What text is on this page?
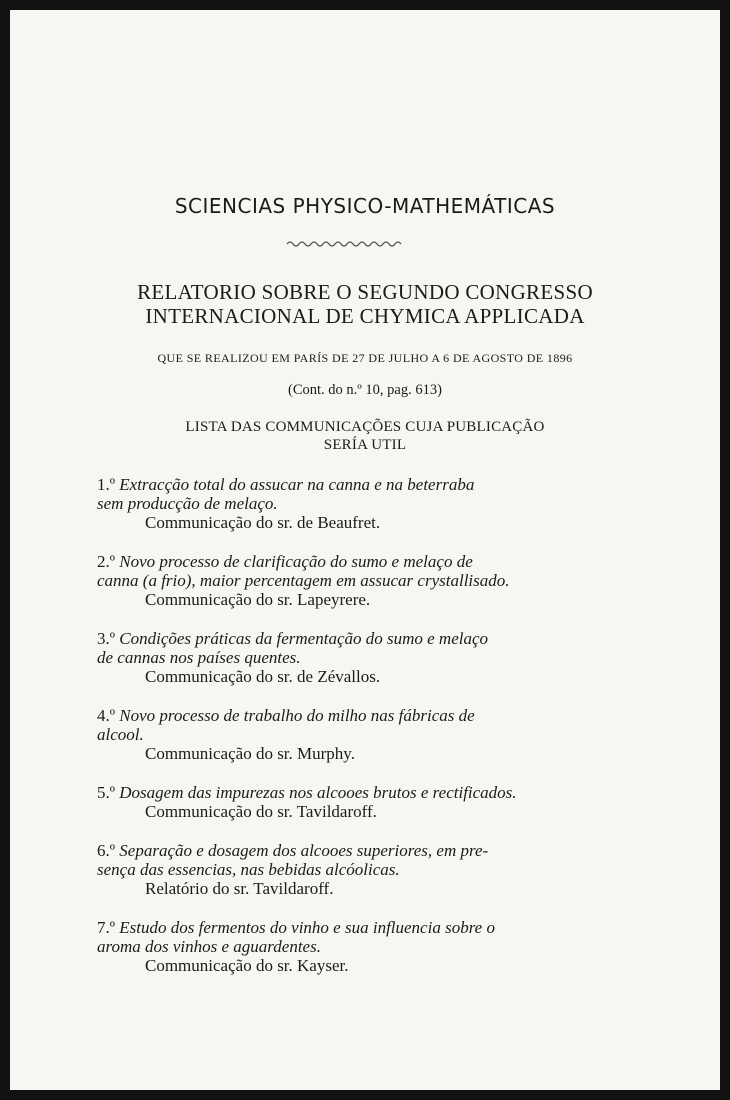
SCIENCIAS PHYSICO-MATHEMÁTICAS
RELATORIO SOBRE O SEGUNDO CONGRESSO
INTERNACIONAL DE CHYMICA APPLICADA
QUE SE REALIZOU EM PARÍS DE 27 DE JULHO A 6 DE AGOSTO DE 1896
(Cont. do n.º 10, pag. 613)
LISTA DAS COMMUNICAÇÕES CUJA PUBLICAÇÃO
SERÍA UTIL
1.º Extracção total do assucar na canna e na beterraba
sem producção de melaço.
Communicação do sr. de Beaufret.
2.º Novo processo de clarificação do sumo e melaço de
canna (a frio), maior percentagem em assucar crystallisado.
Communicação do sr. Lapeyrere.
3.º Condições práticas da fermentação do sumo e melaço
de cannas nos países quentes.
Communicação do sr. de Zévallos.
4.º Novo processo de trabalho do milho nas fábricas de
alcool.
Communicação do sr. Murphy.
5.º Dosagem das impurezas nos alcooes brutos e rectificados.
Communicação do sr. Tavildaroff.
6.º Separação e dosagem dos alcooes superiores, em pre-
sença das essencias, nas bebidas alcóolicas.
Relatório do sr. Tavildaroff.
7.º Estudo dos fermentos do vinho e sua influencia sobre o
aroma dos vinhos e aguardentes.
Communicação do sr. Kayser.
